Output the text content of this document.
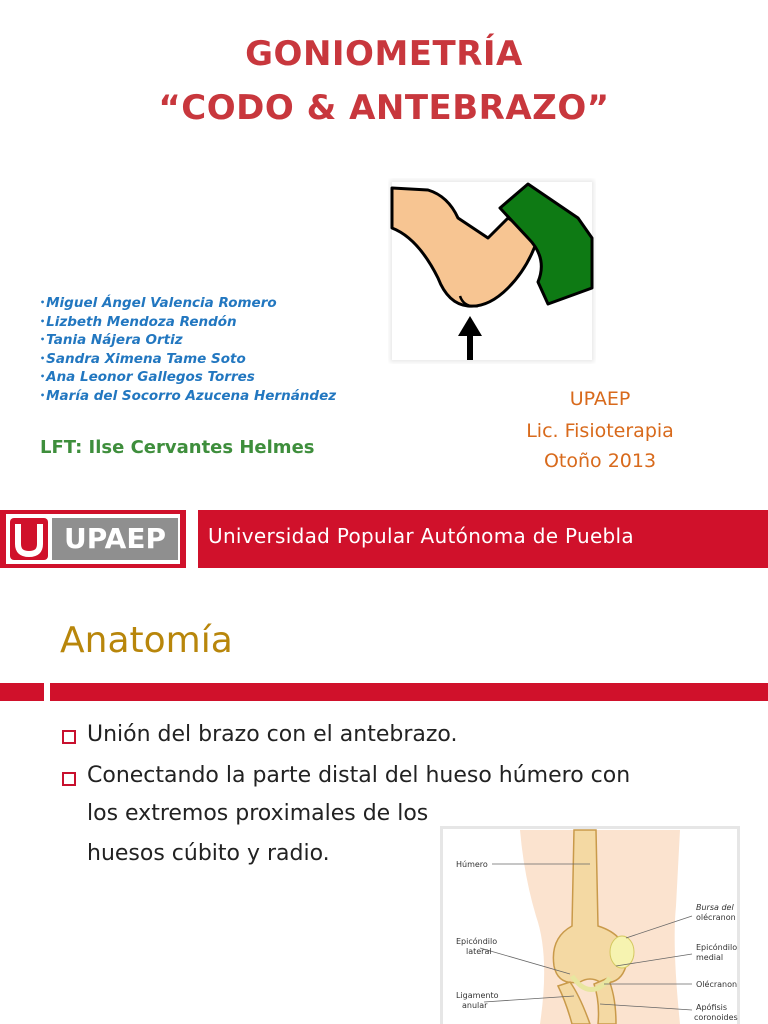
GONIOMETRÍA
“CODO & ANTEBRAZO”
•Miguel Ángel Valencia Romero
•Lizbeth Mendoza Rendón
•Tania Nájera Ortiz
•Sandra Ximena Tame Soto
•Ana Leonor Gallegos Torres
•María del Socorro Azucena Hernández
LFT: Ilse Cervantes Helmes
UPAEP
Lic. Fisioterapia
Otoño 2013
UPAEP	Universidad Popular Autónoma de Puebla
Anatomía
Unión del brazo con el antebrazo.
Conectando la parte distal del hueso húmero con
los extremos proximales de los
huesos cúbito y radio.	Húmero
Bursa del
olécranon
Epicóndilo
lateral	Epicóndilo
medial
Olécranon
Ligamento
anular	Apófisis
coronoides
